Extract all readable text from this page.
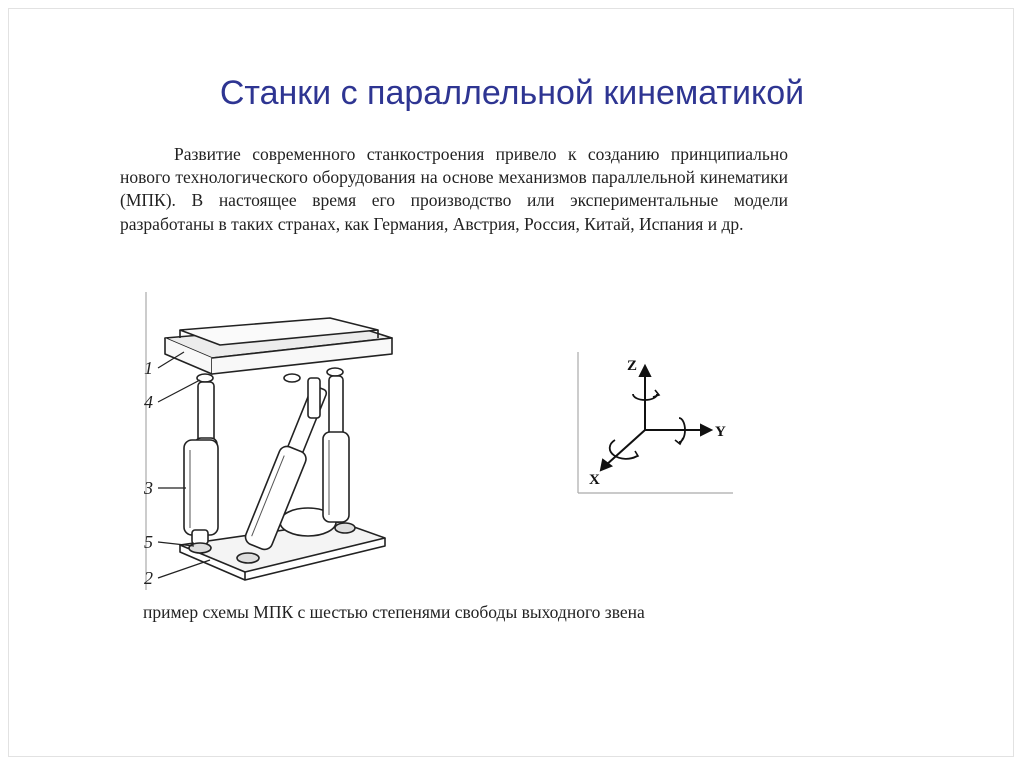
Станки с параллельной кинематикой

Развитие современного станкостроения привело к созданию принципиально нового технологического оборудования на основе механизмов параллельной кинематики (МПК). В настоящее время его производство или экспериментальные модели разработаны в таких странах, как Германия, Австрия, Россия, Китай, Испания и др.

1
4
3
5
2
Z
Y
X
пример схемы МПК с шестью степенями свободы выходного звена
